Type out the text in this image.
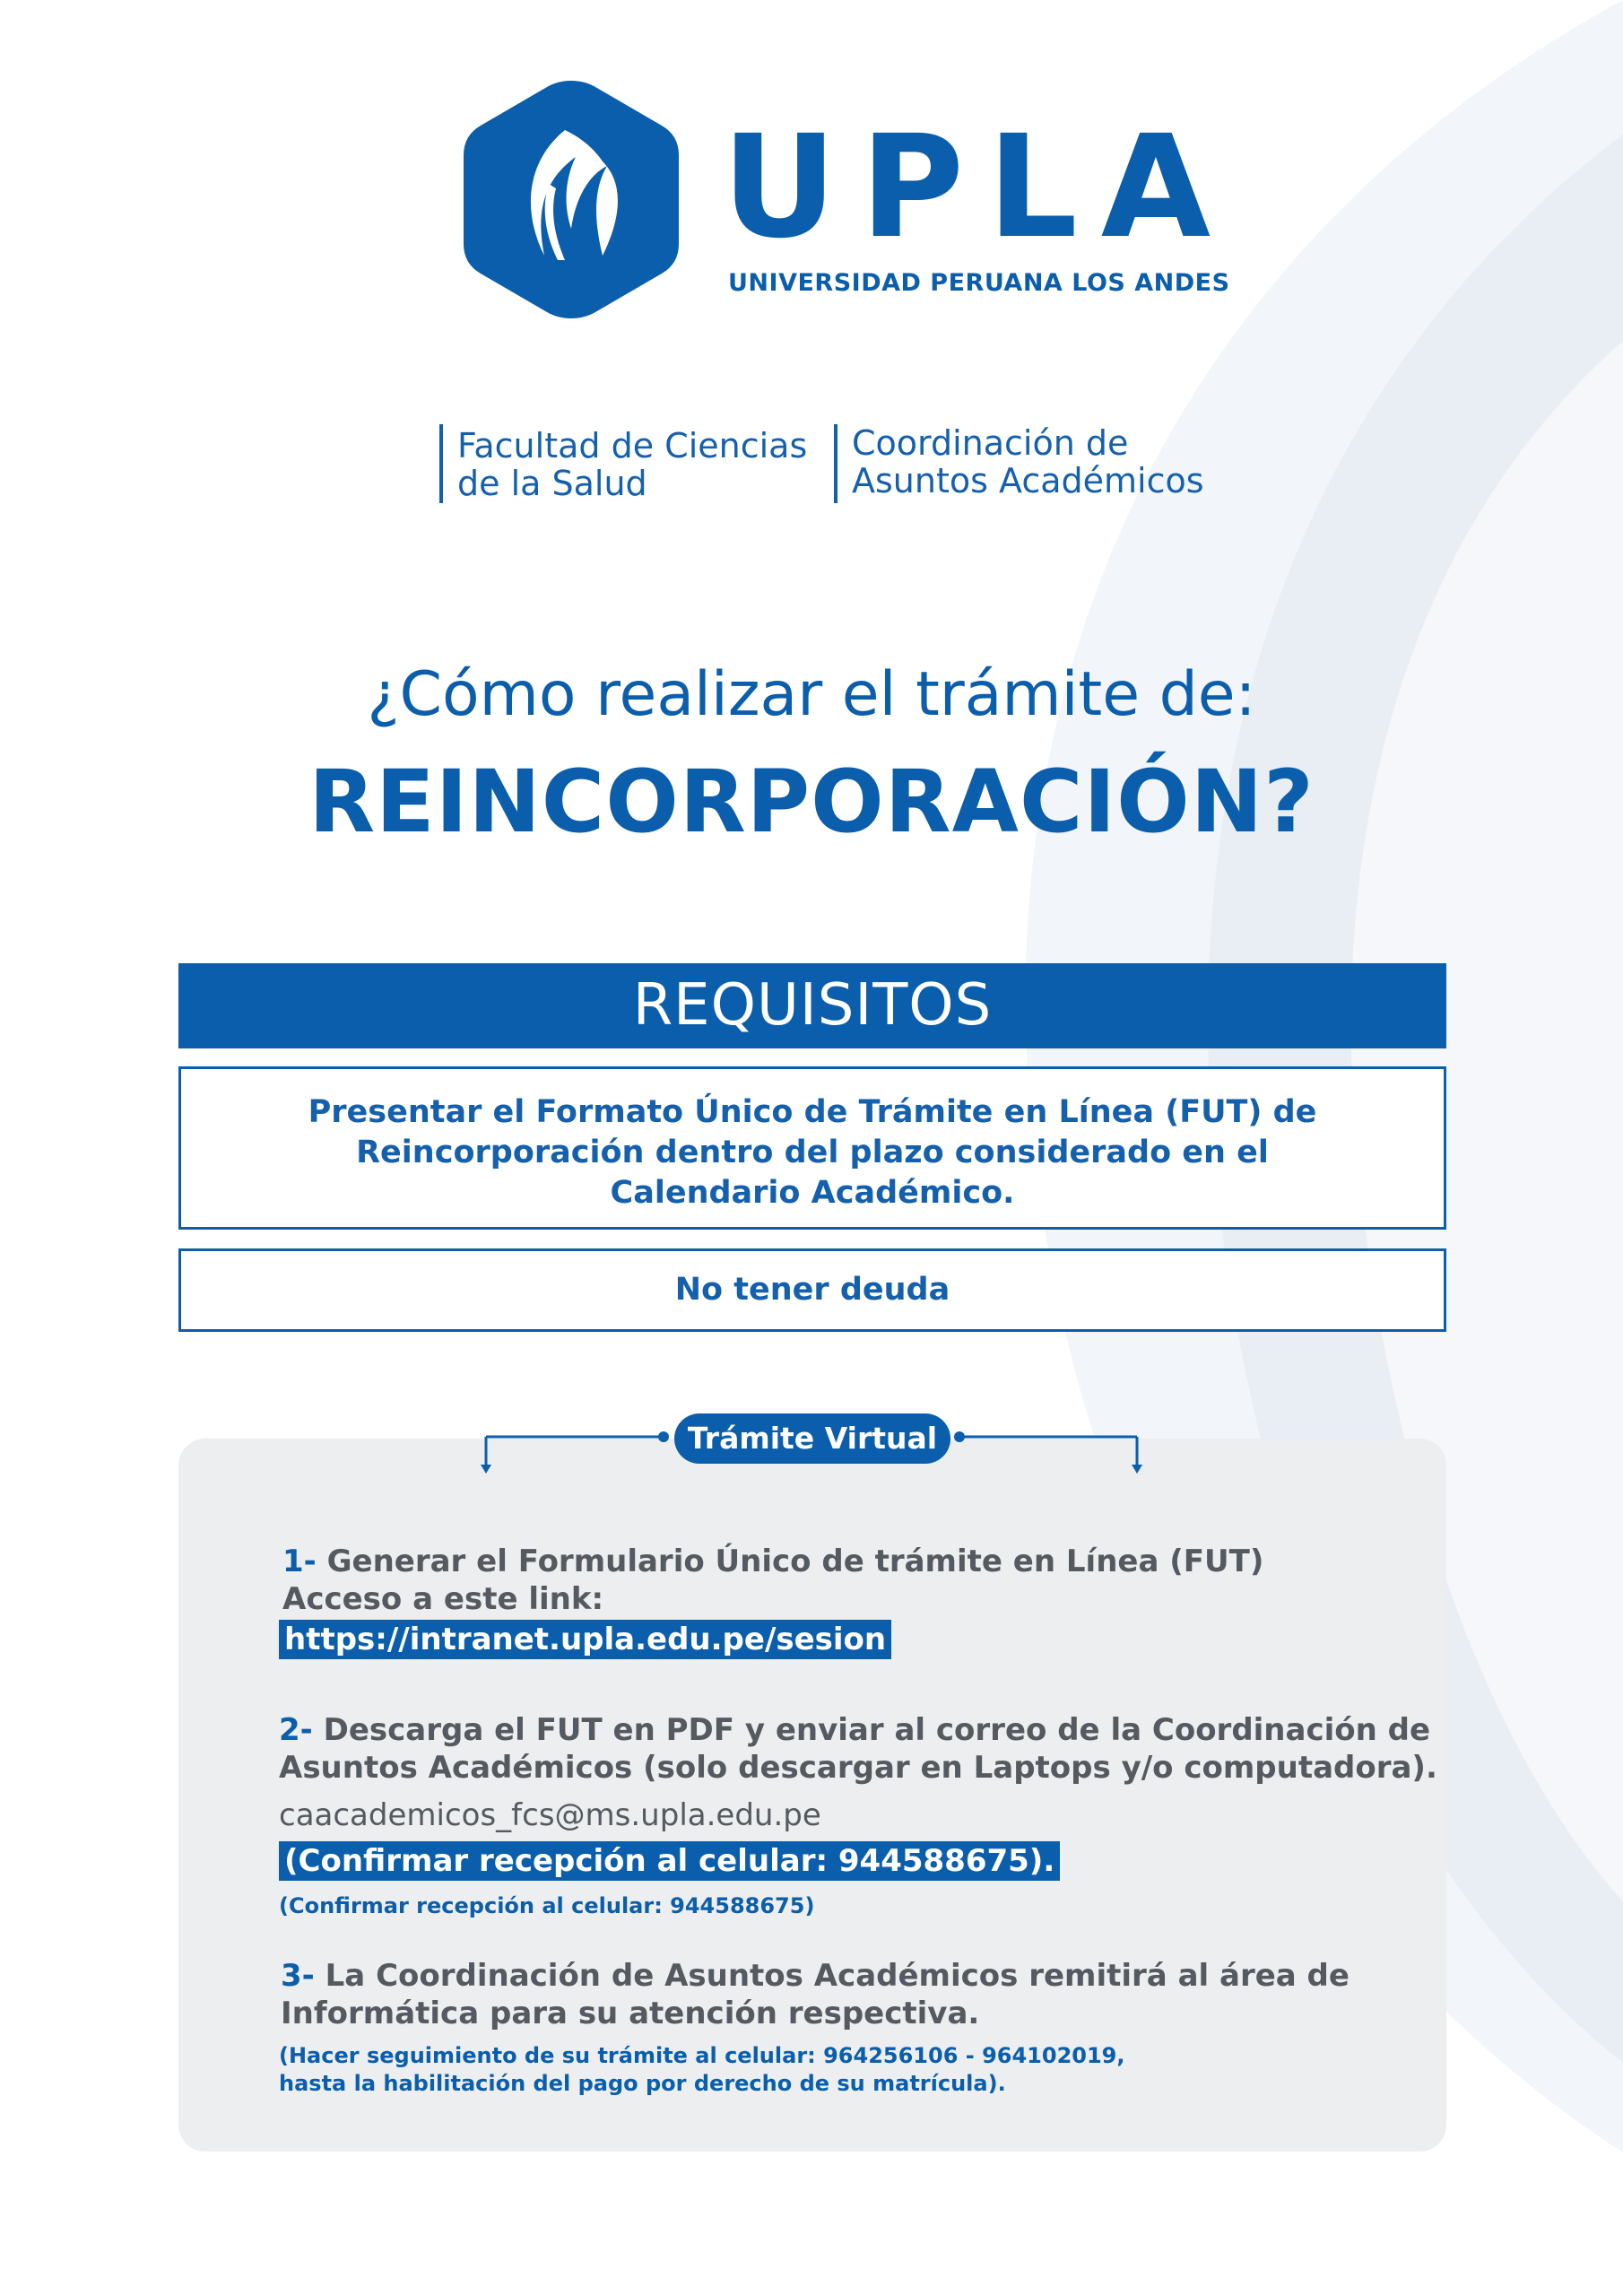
UPLA
UNIVERSIDAD PERUANA LOS ANDES
Facultad de Ciencias
de la Salud
Coordinación de
Asuntos Académicos
¿Cómo realizar el trámite de:
REINCORPORACIÓN?
REQUISITOS
Presentar el Formato Único de Trámite en Línea (FUT) de
Reincorporación dentro del plazo considerado en el
Calendario Académico.
No tener deuda
Trámite Virtual
1- Generar el Formulario Único de trámite en Línea (FUT)
Acceso a este link:
https://intranet.upla.edu.pe/sesion
2- Descarga el FUT en PDF y enviar al correo de la Coordinación de
Asuntos Académicos (solo descargar en Laptops y/o computadora).
caacademicos_fcs@ms.upla.edu.pe
(Confirmar recepción al celular: 944588675).
(Confirmar recepción al celular: 944588675)
3- La Coordinación de Asuntos Académicos remitirá al área de
Informática para su atención respectiva.
(Hacer seguimiento de su trámite al celular: 964256106 - 964102019,
hasta la habilitación del pago por derecho de su matrícula).
